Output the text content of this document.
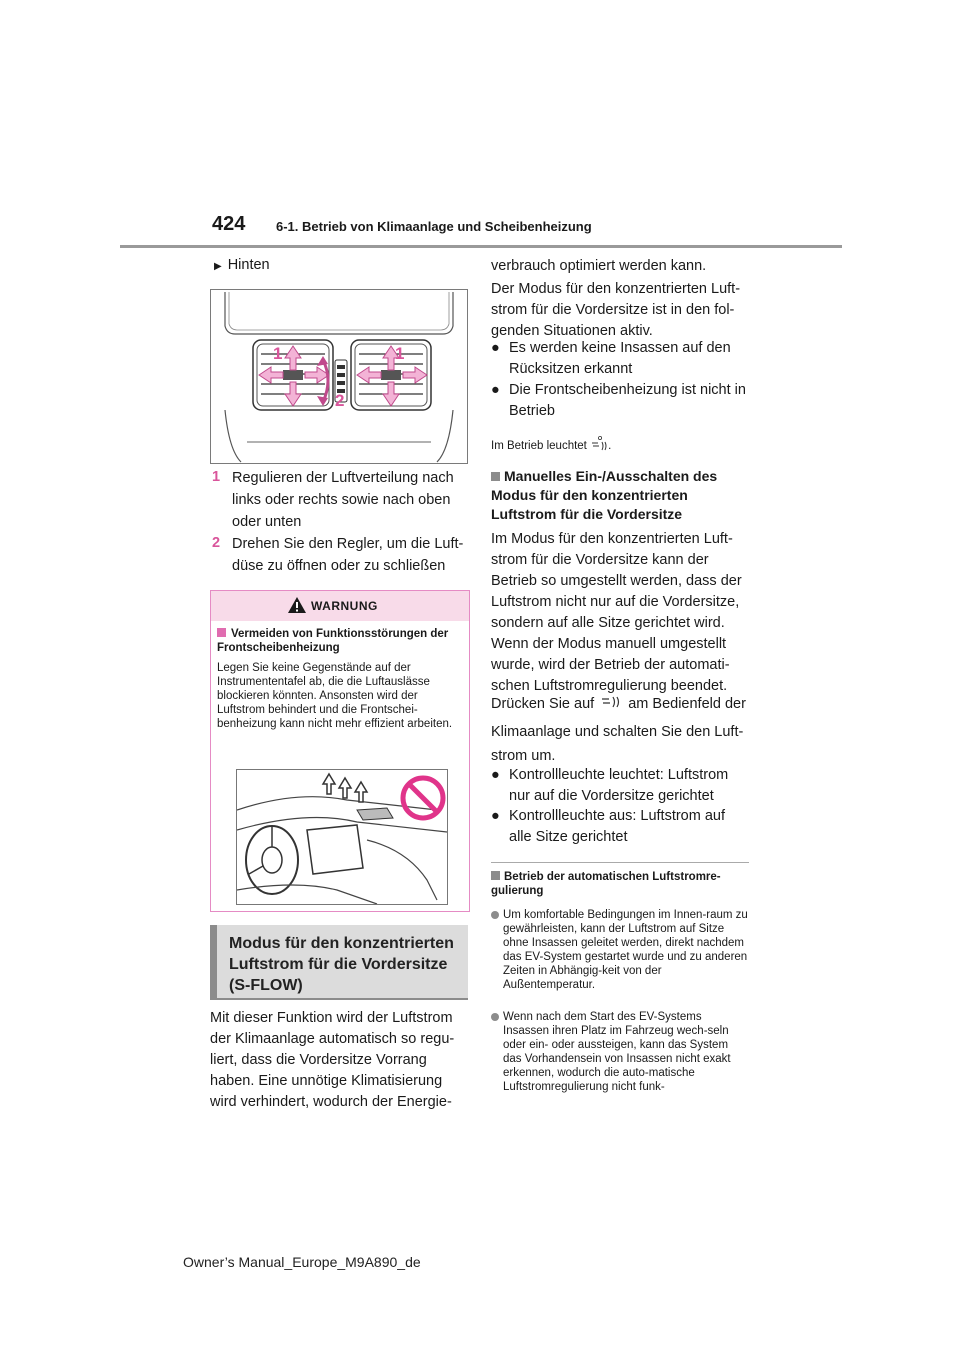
424 6-1. Betrieb von Klimaanlage und Scheibenheizung
▶ Hinten
1	1
2
1 Regulieren der Luftverteilung nach links oder rechts sowie nach oben oder unten
2 Drehen Sie den Regler, um die Luft-düse zu öffnen oder zu schließen
WARNUNG
Vermeiden von Funktionsstörungen der Frontscheibenheizung
Legen Sie keine Gegenstände auf der Instrumententafel ab, die die Luftauslässe blockieren könnten. Ansonsten wird der Luftstrom behindert und die Frontschei-benheizung kann nicht mehr effizient arbeiten.
Modus für den konzentrierten Luftstrom für die Vordersitze (S-FLOW)
Mit dieser Funktion wird der Luftstrom der Klimaanlage automatisch so regu-liert, dass die Vordersitze Vorrang haben. Eine unnötige Klimatisierung wird verhindert, wodurch der Energie-
verbrauch optimiert werden kann.
Der Modus für den konzentrierten Luft-strom für die Vordersitze ist in den fol-genden Situationen aktiv.
● Es werden keine Insassen auf den Rücksitzen erkannt
● Die Frontscheibenheizung ist nicht in Betrieb
Im Betrieb leuchtet .
Manuelles Ein-/Ausschalten des Modus für den konzentrierten Luftstrom für die Vordersitze
Im Modus für den konzentrierten Luft-strom für die Vordersitze kann der Betrieb so umgestellt werden, dass der Luftstrom nicht nur auf die Vordersitze, sondern auf alle Sitze gerichtet wird. Wenn der Modus manuell umgestellt wurde, wird der Betrieb der automati-schen Luftstromregulierung beendet.
Drücken Sie auf am Bedienfeld der
Klimaanlage und schalten Sie den Luft-strom um.
● Kontrollleuchte leuchtet: Luftstrom nur auf die Vordersitze gerichtet
● Kontrollleuchte aus: Luftstrom auf alle Sitze gerichtet
Betrieb der automatischen Luftstromre-gulierung
Um komfortable Bedingungen im Innen-raum zu gewährleisten, kann der Luftstrom auf Sitze ohne Insassen geleitet werden, direkt nachdem das EV-System gestartet wurde und zu anderen Zeiten in Abhängig-keit von der Außentemperatur.
Wenn nach dem Start des EV-Systems Insassen ihren Platz im Fahrzeug wech-seln oder ein- oder aussteigen, kann das System das Vorhandensein von Insassen nicht exakt erkennen, wodurch die auto-matische Luftstromregulierung nicht funk-
Owner’s Manual_Europe_M9A890_de
